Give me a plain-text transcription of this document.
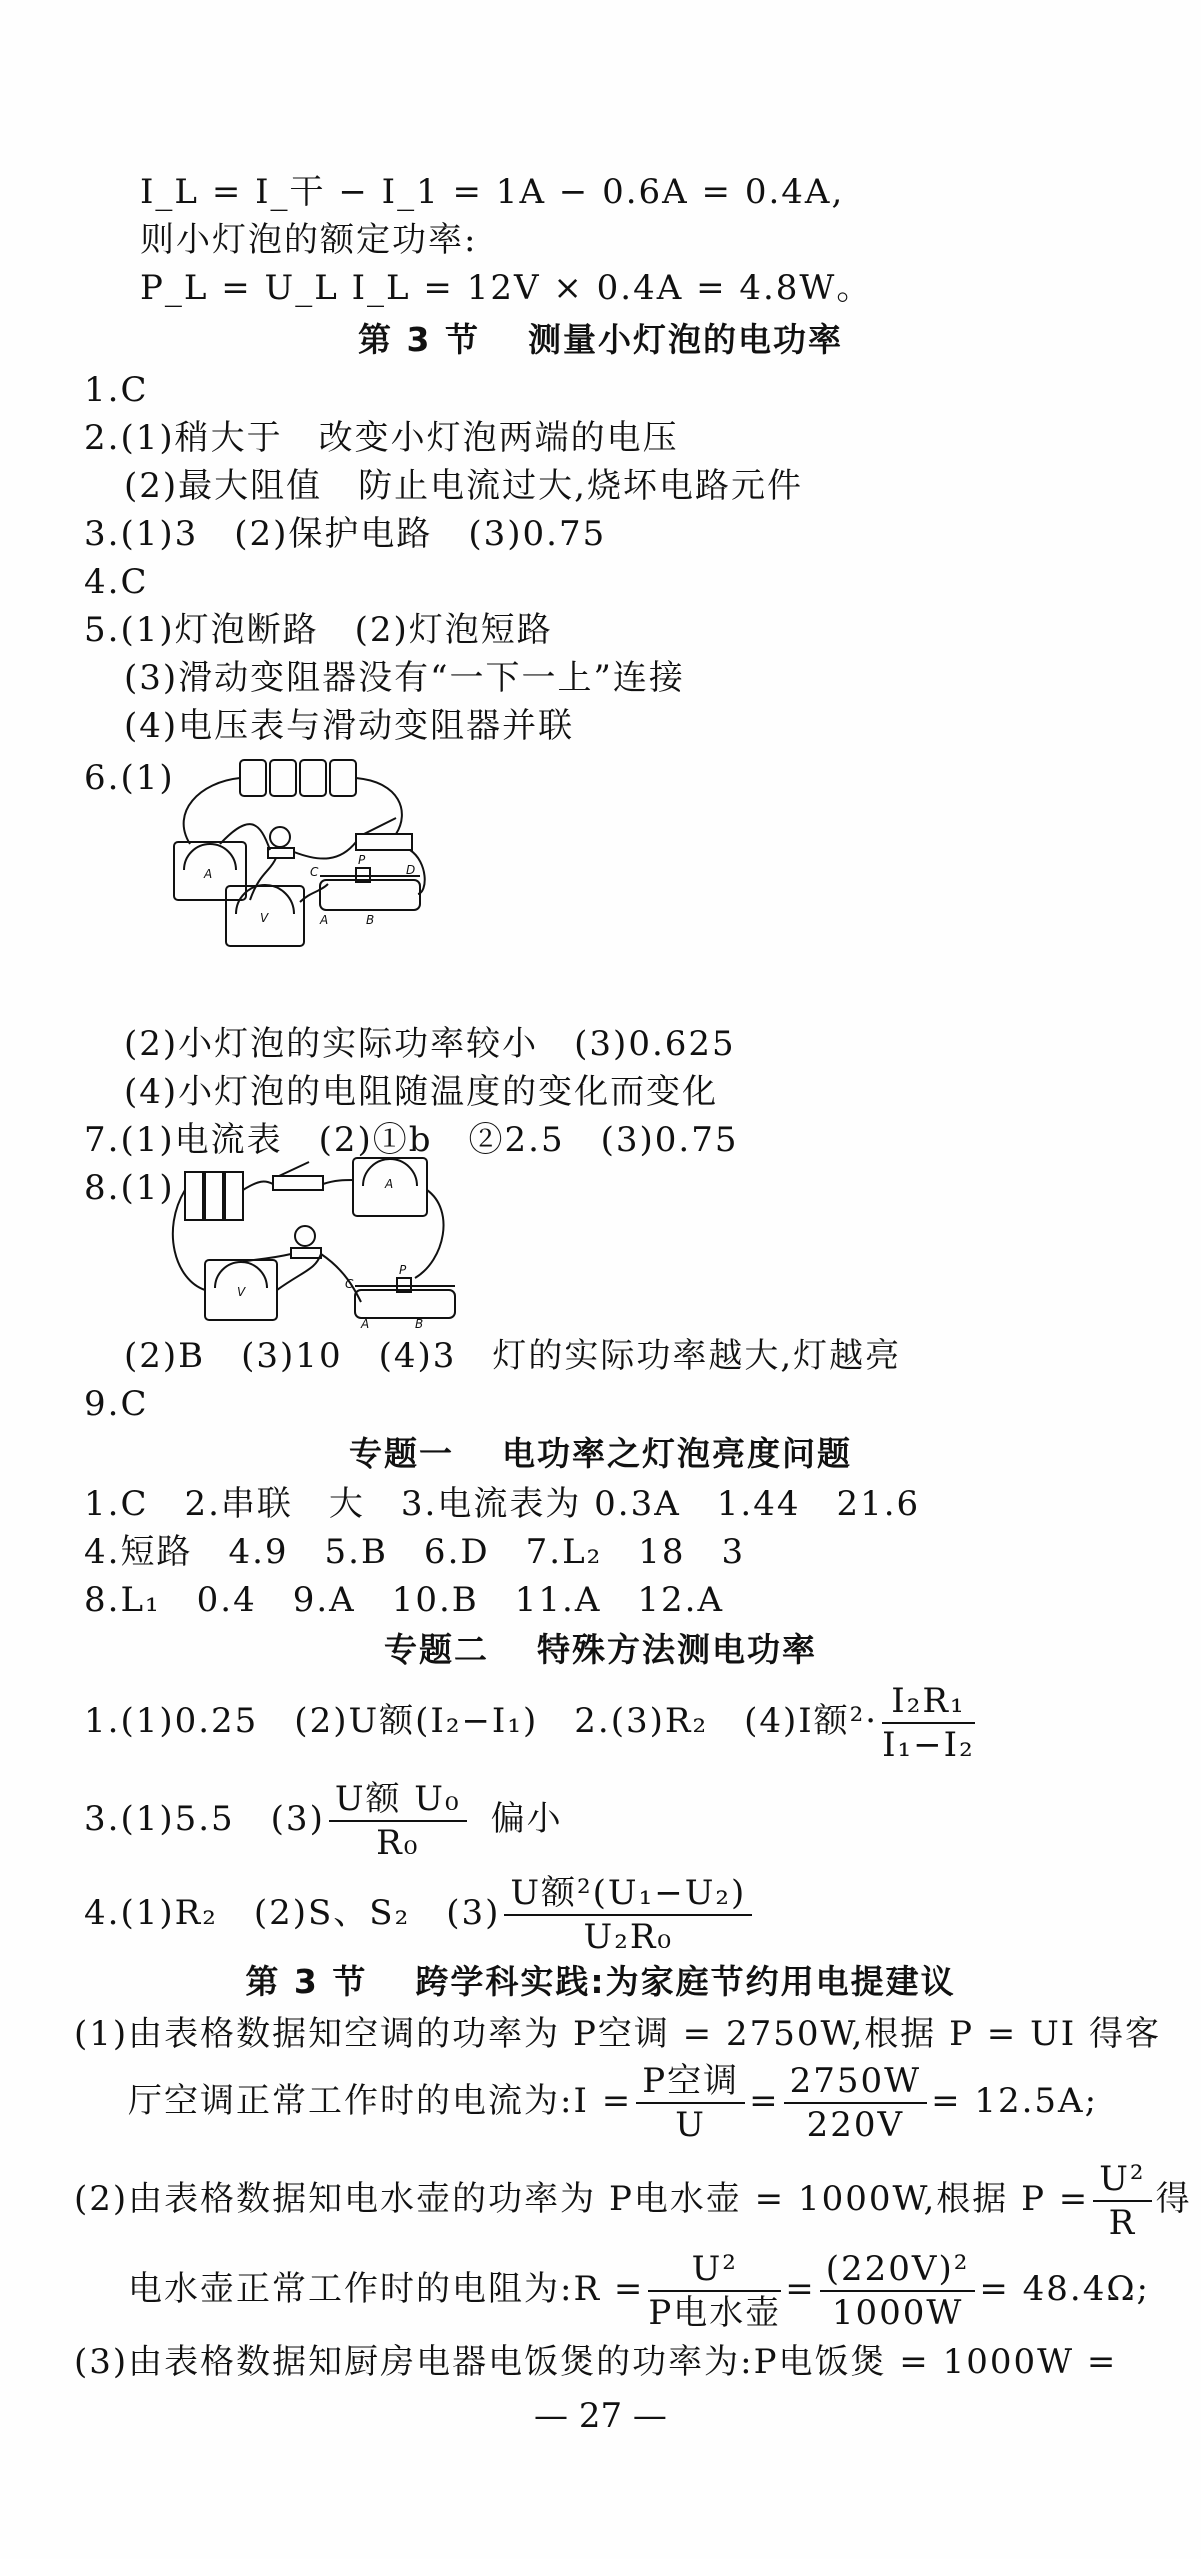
I_L = I_干 − I_1 = 1A − 0.6A = 0.4A,
则小灯泡的额定功率:
P_L = U_L I_L = 12V × 0.4A = 4.8W。
第 3 节 测量小灯泡的电功率
1.C
2.(1)稍大于　改变小灯泡两端的电压
(2)最大阻值　防止电流过大,烧坏电路元件
3.(1)3　(2)保护电路　(3)0.75
4.C
5.(1)灯泡断路　(2)灯泡短路
(3)滑动变阻器没有“一下一上”连接
(4)电压表与滑动变阻器并联
6.(1)
A
V
C
P
D
A	B
(2)小灯泡的实际功率较小　(3)0.625
(4)小灯泡的电阻随温度的变化而变化
7.(1)电流表　(2)①b　②2.5　(3)0.75
8.(1)	A
V
C
P
A	B
(2)B　(3)10　(4)3　灯的实际功率越大,灯越亮
9.C
专题一 电功率之灯泡亮度问题
1.C　2.串联　大　3.电流表为 0.3A　1.44　21.6
4.短路　4.9　5.B　6.D　7.L₂　18　3
8.L₁　0.4　9.A　10.B　11.A　12.A
专题二 特殊方法测电功率
1.(1)0.25　(2)U额(I₂−I₁)　2.(3)R₂　(4)I额$^2\cdot \frac{\text{I₂R₁}}{\text{I₁−I₂}}$
3.(1)5.5　$(3) \frac{\text{U额 U₀}}{\text{R₀}}$ 偏小
4.(1)R₂　(2)S、S₂　$(3) \frac{\text{U额²(U₁−U₂)}}{\text{U₂R₀}}$
第 3 节 跨学科实践:为家庭节约用电提建议
(1)由表格数据知空调的功率为 P空调 = 2750W,根据 P = UI 得客
厅空调正常工作时的电流为:I = $\frac{\text{P空调}}{U} = \frac{2750W}{220V} = 12.5A$;
(2)由表格数据知电水壶的功率为 P电水壶 = 1000W,根据 $P = \frac{\text{U²}}{R}$ 得
电水壶正常工作时的电阻为:R = $\frac{\text{U²}}{\text{P电水壶}} = \frac{\text{(220V)²}}{1000W} = 48.4\Omega$;
(3)由表格数据知厨房电器电饭煲的功率为:P电饭煲 = 1000W =
— 27 —
